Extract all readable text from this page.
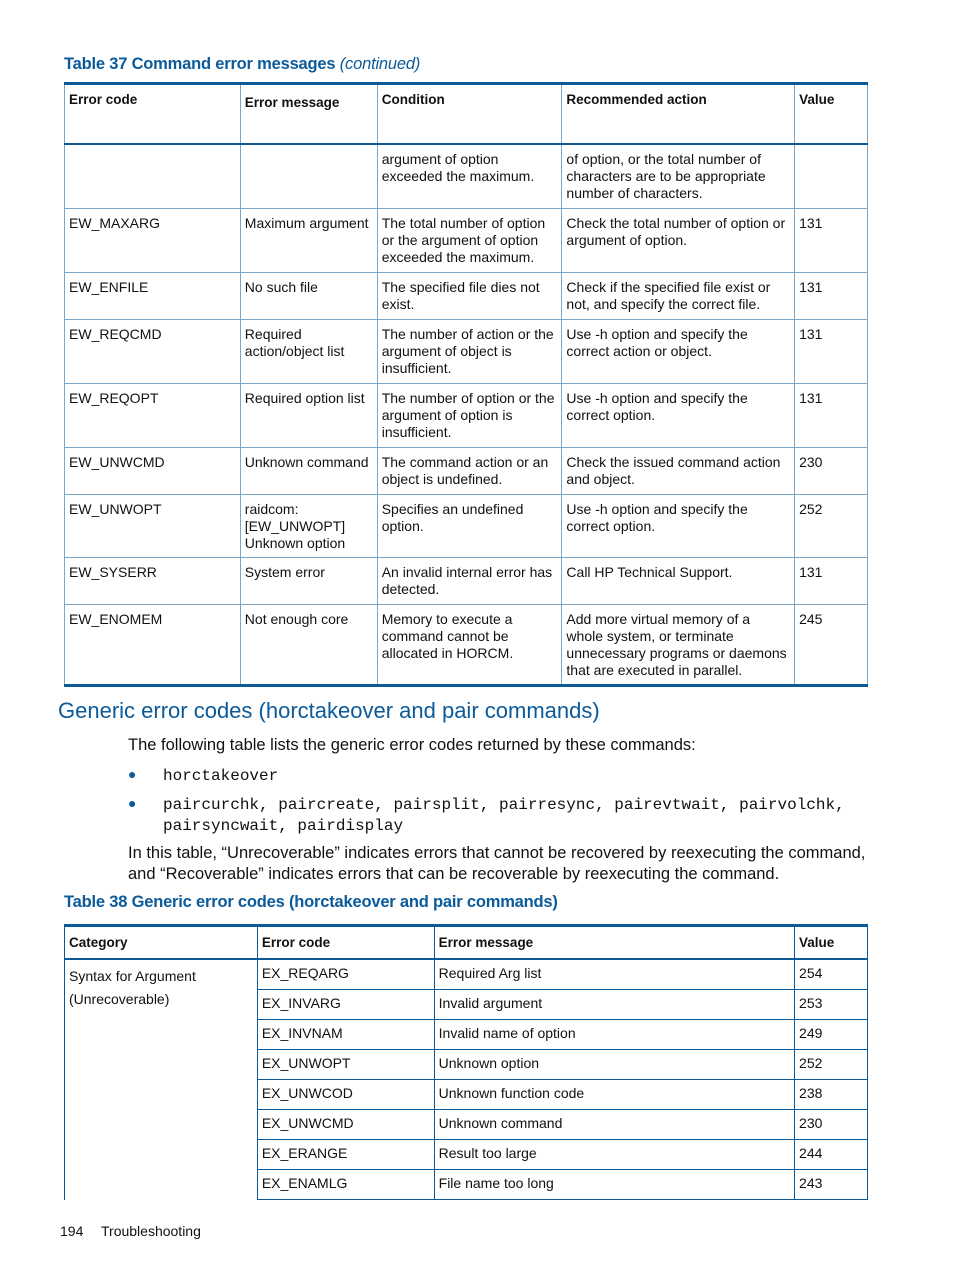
Table 37 Command error messages (continued)
Error code	Error message	Condition	Recommended action	Value
		argument of option exceeded the maximum.	of option, or the total number of characters are to be appropriate number of characters.	
EW_MAXARG	Maximum argument	The total number of option or the argument of option exceeded the maximum.	Check the total number of option or argument of option.	131
EW_ENFILE	No such file	The specified file dies not exist.	Check if the specified file exist or not, and specify the correct file.	131
EW_REQCMD	Required action/object list	The number of action or the argument of object is insufficient.	Use -h option and specify the correct action or object.	131
EW_REQOPT	Required option list	The number of option or the argument of option is insufficient.	Use -h option and specify the correct option.	131
EW_UNWCMD	Unknown command	The command action or an object is undefined.	Check the issued command action and object.	230
EW_UNWOPT	raidcom: [EW_UNWOPT] Unknown option	Specifies an undefined option.	Use -h option and specify the correct option.	252
EW_SYSERR	System error	An invalid internal error has detected.	Call HP Technical Support.	131
EW_ENOMEM	Not enough core	Memory to execute a command cannot be allocated in HORCM.	Add more virtual memory of a whole system, or terminate unnecessary programs or daemons that are executed in parallel.	245
Generic error codes (horctakeover and pair commands)
The following table lists the generic error codes returned by these commands:
● horctakeover
● paircurchk, paircreate, pairsplit, pairresync, pairevtwait, pairvolchk, pairsyncwait, pairdisplay
In this table, “Unrecoverable” indicates errors that cannot be recovered by reexecuting the command, and “Recoverable” indicates errors that can be recoverable by reexecuting the command.
Table 38 Generic error codes (horctakeover and pair commands)
Category	Error code	Error message	Value
Syntax for Argument (Unrecoverable)	EX_REQARG	Required Arg list	254
	EX_INVARG	Invalid argument	253
	EX_INVNAM	Invalid name of option	249
	EX_UNWOPT	Unknown option	252
	EX_UNWCOD	Unknown function code	238
	EX_UNWCMD	Unknown command	230
	EX_ERANGE	Result too large	244
	EX_ENAMLG	File name too long	243
194 Troubleshooting
